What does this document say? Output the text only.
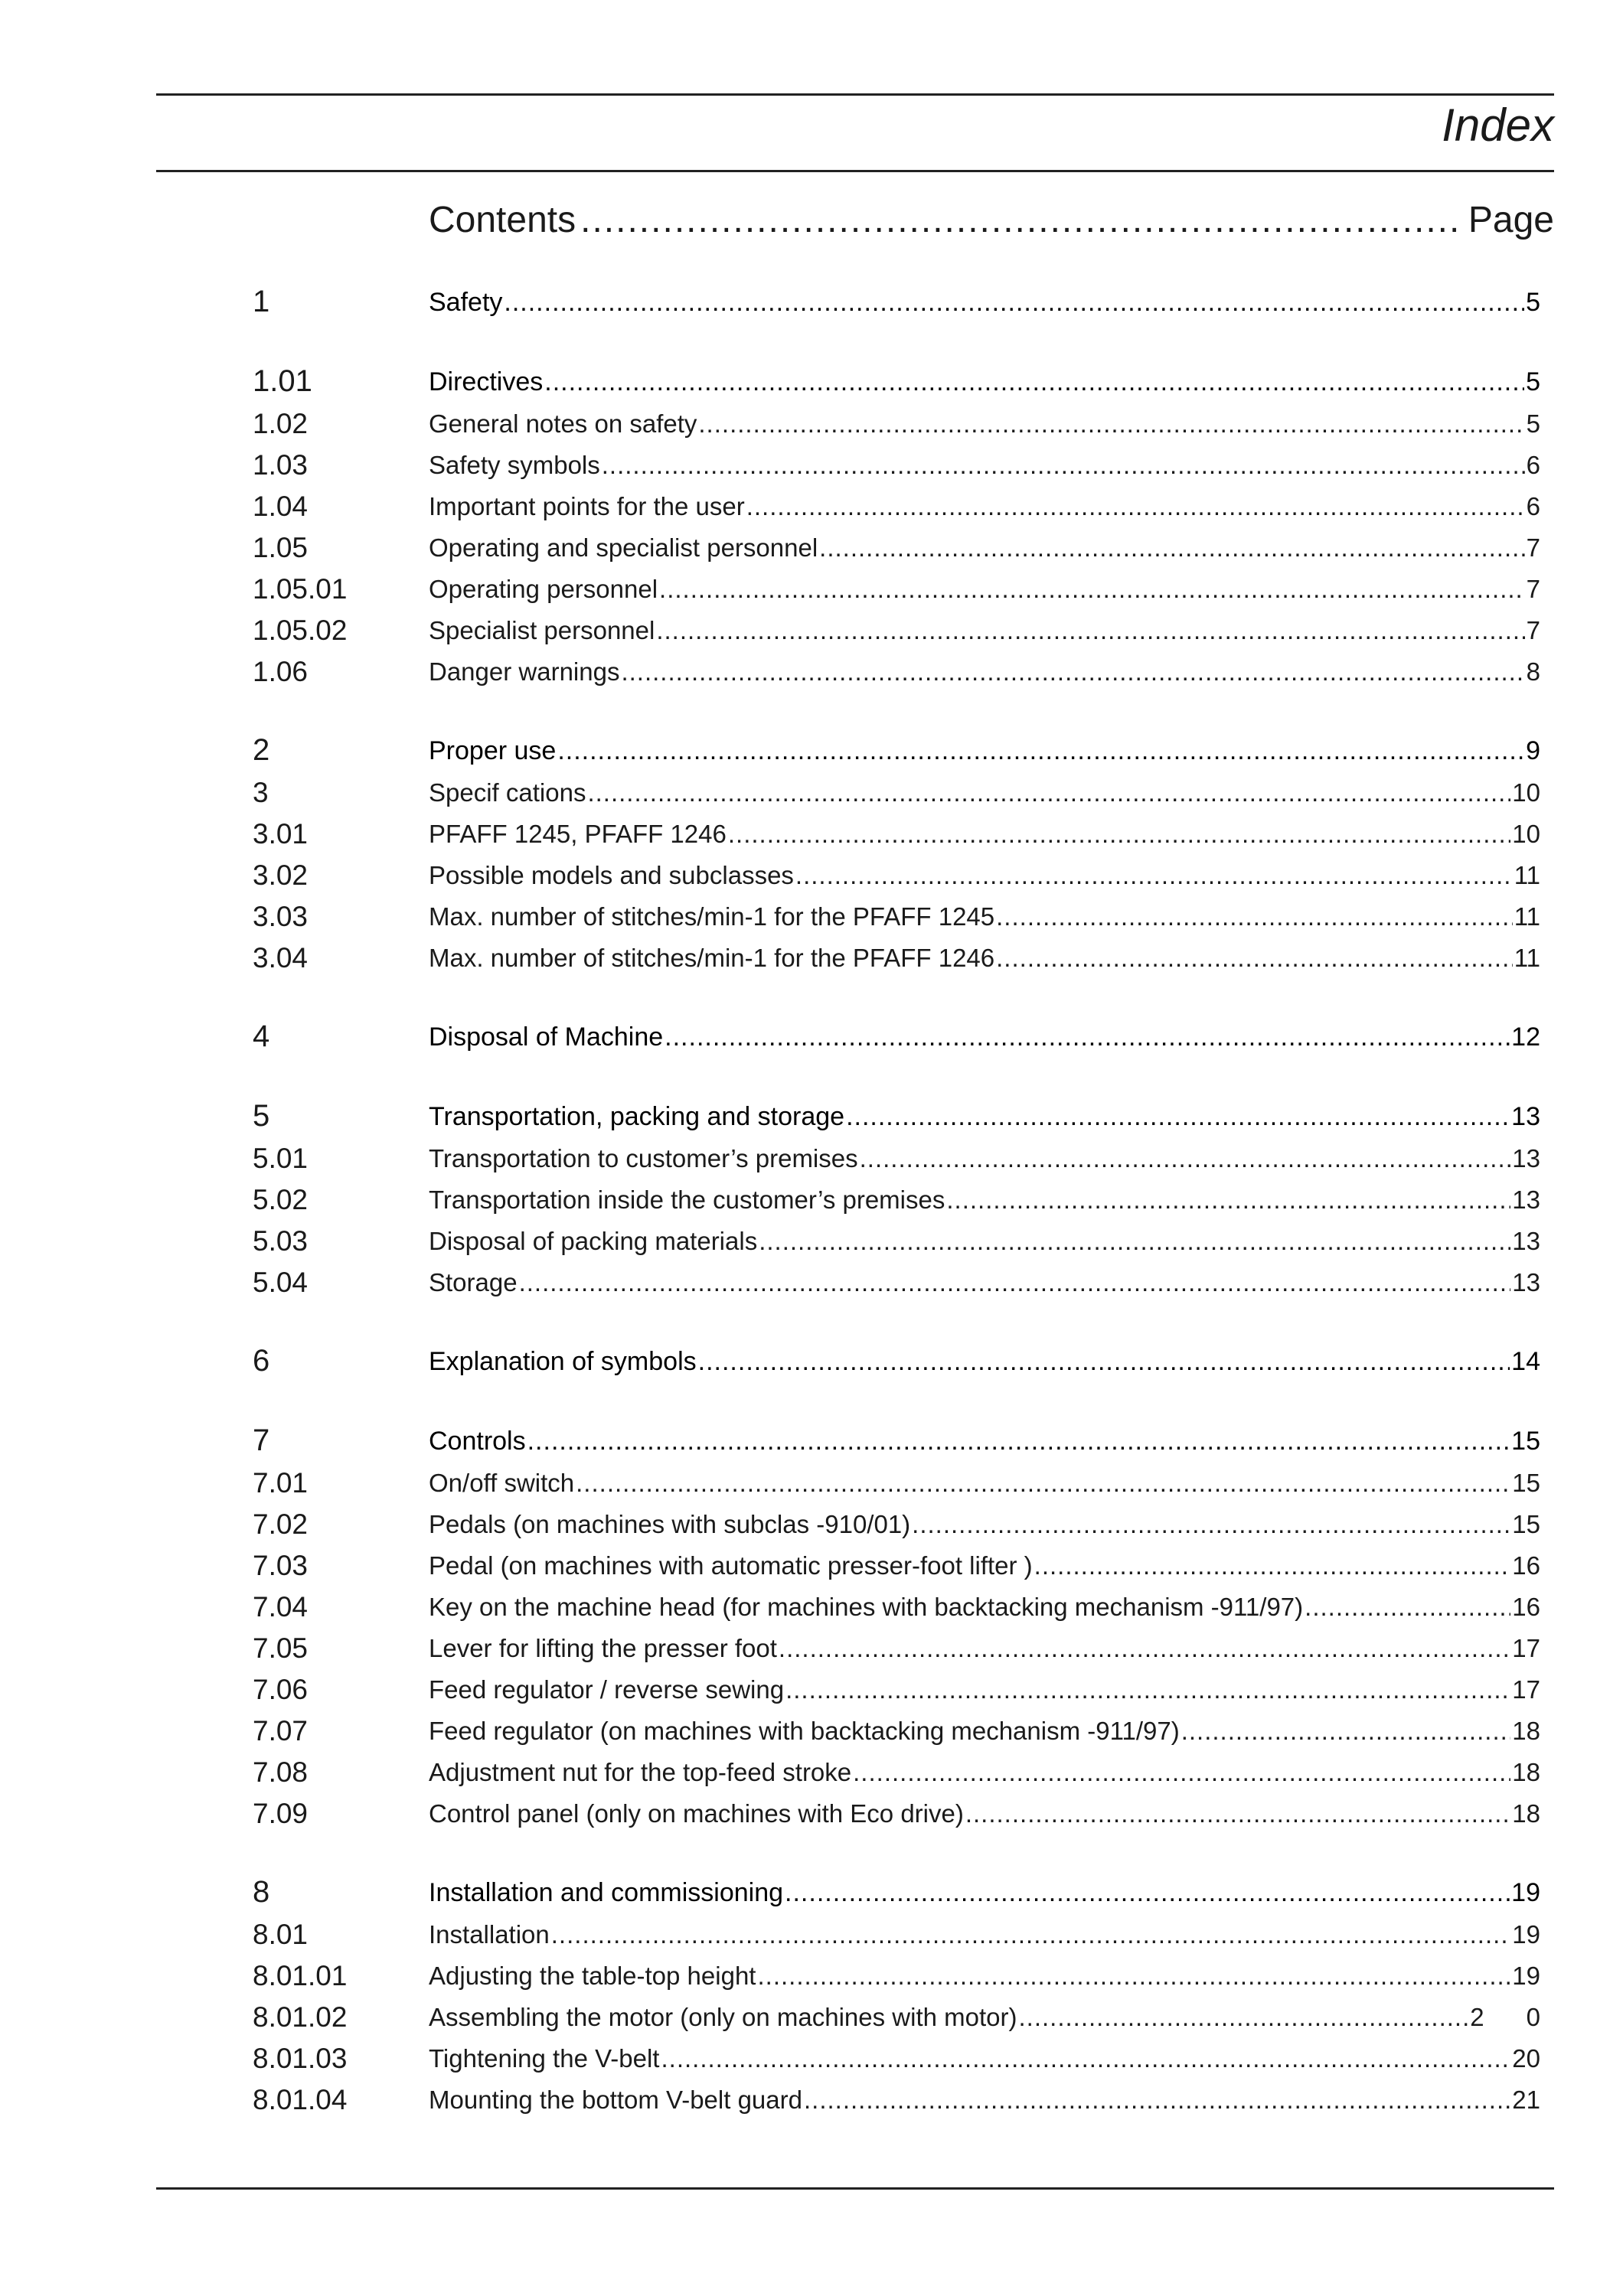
Index
Contents .....	Page
1	Safety .....	5
1.01	Directives .....	5
1.02	General notes on safety .....	5
1.03	Safety symbols .....	6
1.04	Important points for the user .....	6
1.05	Operating and specialist personnel .....	7
1.05.01	Operating personnel .....	7
1.05.02	Specialist personnel .....	7
1.06	Danger warnings .....	8
2	Proper use .....	9
3	Specif cations .....	10
3.01	PFAFF 1245, PFAFF 1246 .....	10
3.02	Possible models and subclasses .....	11
3.03	Max. number of stitches/min-1 for the PFAFF 1245 .....	11
3.04	Max. number of stitches/min-1 for the PFAFF 1246 .....	11
4	Disposal of Machine .....	12
5	Transportation, packing and storage .....	13
5.01	Transportation to customer’s premises .....	13
5.02	Transportation inside the customer’s premises .....	13
5.03	Disposal of packing materials .....	13
5.04	Storage .....	13
6	Explanation of symbols .....	14
7	Controls .....	15
7.01	On/off switch .....	15
7.02	Pedals (on machines with subclas -910/01) .....	15
7.03	Pedal (on machines with automatic presser-foot lifter ) .....	16
7.04	Key on the machine head (for machines with backtacking mechanism -911/97) .....	16
7.05	Lever for lifting the presser foot .....	17
7.06	Feed regulator / reverse sewing .....	17
7.07	Feed regulator (on machines with backtacking mechanism -911/97) .....	18
7.08	Adjustment nut for the top-feed stroke .....	18
7.09	Control panel (only on machines with Eco drive) .....	18
8	Installation and commissioning .....	19
8.01	Installation .....	19
8.01.01	Adjusting the table-top height .....	19
8.01.02	Assembling the motor (only on machines with motor) .....	2      0
8.01.03	Tightening the V-belt .....	20
8.01.04	Mounting the bottom V-belt guard .....	21
